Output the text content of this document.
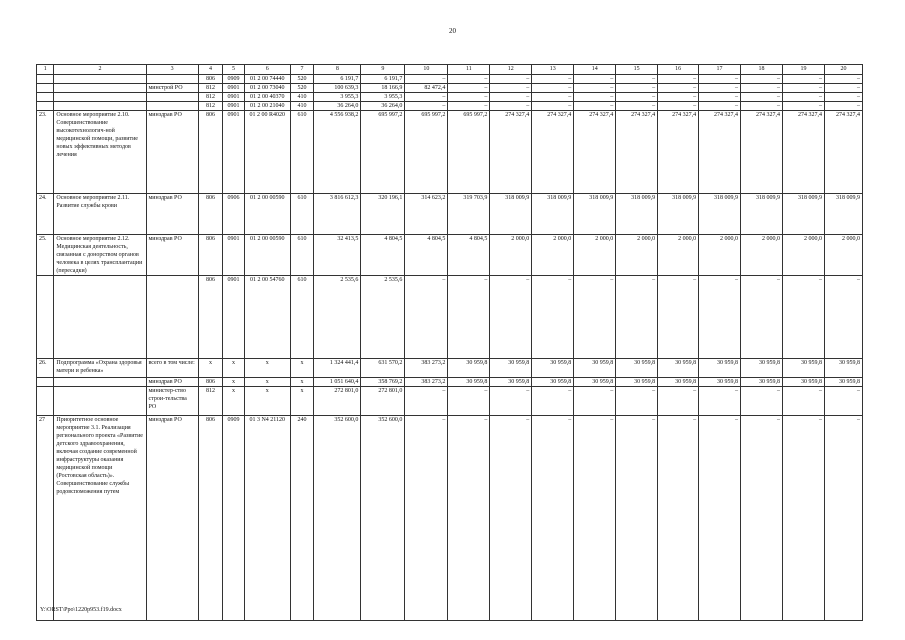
20
1	2	3	4	5	6	7	8	9	10	11	12	13	14	15	16	17	18	19	20
			806	0909	01 2 00 74440	520	6 191,7	6 191,7	–	–	–	–	–	–	–	–	–	–	–
		минстрой РО	812	0901	01 2 00 73040	520	100 639,3	18 166,9	82 472,4	–	–	–	–	–	–	–	–	–	–
			812	0901	01 2 00 40370	410	3 955,3	3 955,3	–	–	–	–	–	–	–	–	–	–	–
			812	0901	01 2 00 21040	410	36 264,0	36 264,0	–	–	–	–	–	–	–	–	–	–	–
23.	Основное мероприятие 2.10. Совершенствование высокотехнологич-ной медицинской помощи, развитие новых эффективных методов лечения	минздрав РО	806	0901	01 2 00 R4020	610	4 556 938,2	695 997,2	695 997,2	695 997,2	274 327,4	274 327,4	274 327,4	274 327,4	274 327,4	274 327,4	274 327,4	274 327,4	274 327,4
24.	Основное мероприятие 2.11. Развитие службы крови	минздрав РО	806	0906	01 2 00 00590	610	3 816 612,3	320 196,1	314 623,2	319 703,9	318 009,9	318 009,9	318 009,9	318 009,9	318 009,9	318 009,9	318 009,9	318 009,9	318 009,9
25.	Основное мероприятие 2.12. Медицинская деятельность, связанная с донорством органов человека в целях трансплантации (пересадки)	минздрав РО	806	0901	01 2 00 00590	610	32 413,5	4 804,5	4 804,5	4 804,5	2 000,0	2 000,0	2 000,0	2 000,0	2 000,0	2 000,0	2 000,0	2 000,0	2 000,0
			806	0901	01 2 00 54760	610	2 535,6	2 535,6	–	–	–	–	–	–	–	–	–	–	–
26.	Подпрограмма «Охрана здоровья матери и ребенка»	всего в том числе:	x	x	x	x	1 324 441,4	631 570,2	383 273,2	30 959,8	30 959,8	30 959,8	30 959,8	30 959,8	30 959,8	30 959,8	30 959,8	30 959,8	30 959,8
		минздрав РО	806	x	x	x	1 051 640,4	358 769,2	383 273,2	30 959,8	30 959,8	30 959,8	30 959,8	30 959,8	30 959,8	30 959,8	30 959,8	30 959,8	30 959,8
		министер-ство строи-тельства РО	812	x	x	x	272 801,0	272 801,0	–	–	–	–	–	–	–	–	–	–	–
27	Приоритетное основное мероприятие 3.1. Реализация регионального проекта «Развитие детского здравоохранения, включая создание современной инфраструктуры оказания медицинской помощи (Ростовская область)». Совершенствование службы родовспоможения путем	минздрав РО	806	0909	01 3 N4 21120	240	352 600,0	352 600,0	–	–	–	–	–	–	–	–	–	–	–
Y:\ORST\Ppo\1220p953.f19.docx
